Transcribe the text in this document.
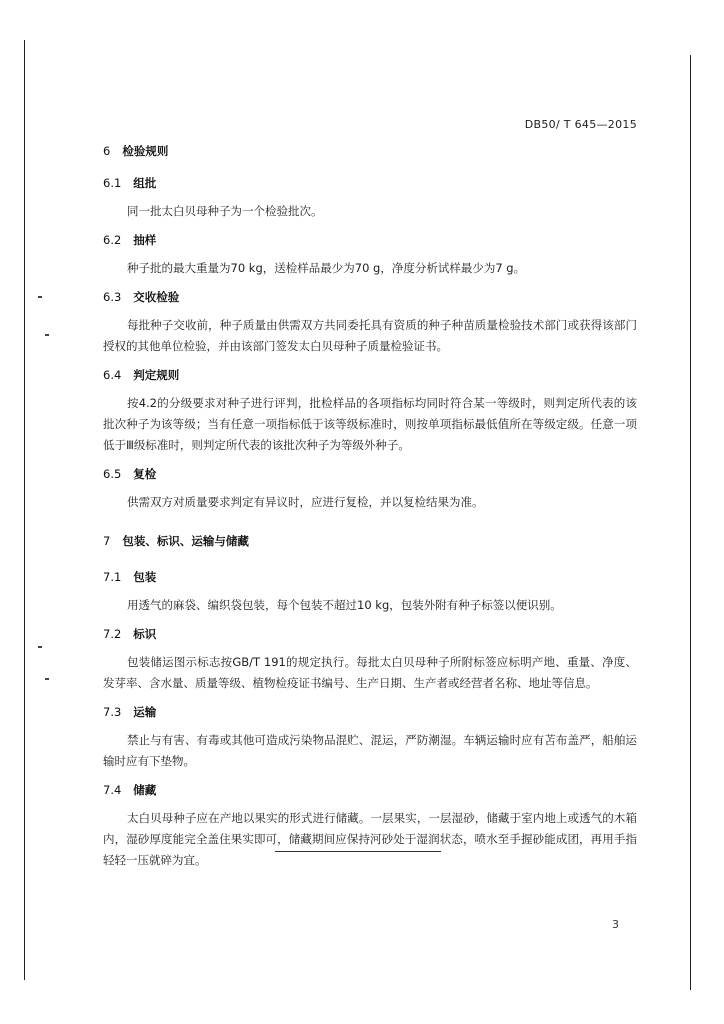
DB50/ T 645—2015
6 检验规则
6.1 组批
同一批太白贝母种子为一个检验批次。
6.2 抽样
种子批的最大重量为70 kg，送检样品最少为70 g，净度分析试样最少为7 g。
6.3 交收检验
每批种子交收前，种子质量由供需双方共同委托具有资质的种子种苗质量检验技术部门或获得该部门授权的其他单位检验，并由该部门签发太白贝母种子质量检验证书。
6.4 判定规则
按4.2的分级要求对种子进行评判，批检样品的各项指标均同时符合某一等级时，则判定所代表的该批次种子为该等级；当有任意一项指标低于该等级标准时，则按单项指标最低值所在等级定级。任意一项低于Ⅲ级标准时，则判定所代表的该批次种子为等级外种子。
6.5 复检
供需双方对质量要求判定有异议时，应进行复检，并以复检结果为准。
7 包装、标识、运输与储藏
7.1 包装
用透气的麻袋、编织袋包装，每个包装不超过10 kg，包装外附有种子标签以便识别。
7.2 标识
包装储运图示标志按GB/T 191的规定执行。每批太白贝母种子所附标签应标明产地、重量、净度、发芽率、含水量、质量等级、植物检疫证书编号、生产日期、生产者或经营者名称、地址等信息。
7.3 运输
禁止与有害、有毒或其他可造成污染物品混贮、混运，严防潮湿。车辆运输时应有苫布盖严，船舶运输时应有下垫物。
7.4 储藏
太白贝母种子应在产地以果实的形式进行储藏。一层果实，一层湿砂，储藏于室内地上或透气的木箱内，湿砂厚度能完全盖住果实即可，储藏期间应保持河砂处于湿润状态，喷水至手握砂能成团，再用手指轻轻一压就碎为宜。
3
